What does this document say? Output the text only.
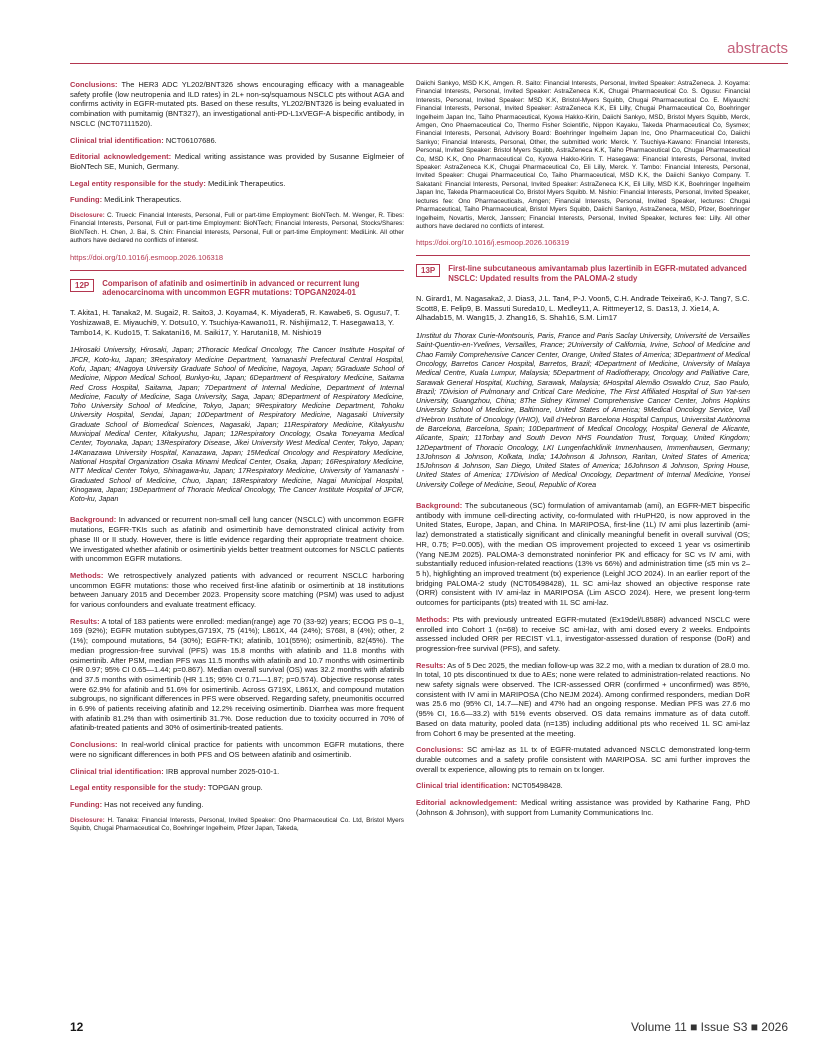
abstracts

Conclusions: The HER3 ADC YL202/BNT326 shows encouraging efficacy with a manageable safety profile (low neutropenia and ILD rates) in 2L+ non-sq/squamous NSCLC pts without AGA and confirms activity in EGFR-mutated pts. Based on these results, YL202/BNT326 is being evaluated in combination with pumitamig (BNT327), an investigational anti-PD-L1xVEGF-A bispecific antibody, in NSCLC (NCT07111520).

Clinical trial identification: NCT06107686.

Editorial acknowledgement: Medical writing assistance was provided by Susanne Eiglmeier of BioNTech SE, Munich, Germany.

Legal entity responsible for the study: MediLink Therapeutics.

Funding: MediLink Therapeutics.

Disclosure: C. Trueck: Financial Interests, Personal, Full or part-time Employment: BioNTech. M. Wenger, R. Tibes: Financial Interests, Personal, Full or part-time Employment: BioNTech; Financial Interests, Personal, Stocks/Shares: BioNTech. H. Chen, J. Bai, S. Chin: Financial Interests, Personal, Full or part-time Employment: MediLink. All other authors have declared no conflicts of interest.

https://doi.org/10.1016/j.esmoop.2026.106318
12P	Comparison of afatinib and osimertinib in advanced or recurrent lung adenocarcinoma with uncommon EGFR mutations: TOPGAN2024-01
T. Akita1, H. Tanaka2, M. Sugai2, R. Saito3, J. Koyama4, K. Miyadera5, R. Kawabe6, S. Ogusu7, T. Yoshizawa8, E. Miyauchi9, Y. Dotsu10, Y. Tsuchiya-Kawano11, R. Nishijima12, T. Hasegawa13, Y. Tambo14, K. Kudo15, T. Sakatani16, M. Saiki17, Y. Harutani18, M. Nishio19
1Hirosaki University, Hirosaki, Japan; 2Thoracic Medical Oncology, The Cancer Institute Hospital of JFCR, Koto-ku, Japan; 3Respiratory Medicine Department, Yamanashi Prefectural Central Hospital, Kofu, Japan; 4Nagoya University Graduate School of Medicine, Nagoya, Japan; 5Graduate School of Medicine, Nippon Medical School, Bunkyo-ku, Japan; 6Department of Respiratory Medicine, Saitama Red Cross Hospital, Saitama, Japan; 7Department of Internal Medicine, Department of Internal Medicine, Faculty of Medicine, Saga University, Saga, Japan; 8Department of Respiratory Medicine, Toho University School of Medicine, Tokyo, Japan; 9Respiratory Medicine Department, Tohoku University Hospital, Sendai, Japan; 10Department of Respiratory Medicine, Nagasaki University Graduate School of Biomedical Sciences, Nagasaki, Japan; 11Respiratory Medicine, Kitakyushu Municipal Medical Center, Kitakyushu, Japan; 12Respiratory Oncology, Osaka Toneyama Medical Center, Toyonaka, Japan; 13Respiratory Disease, Jikei University West Medical Center, Tokyo, Japan; 14Kanazawa University Hospital, Kanazawa, Japan; 15Medical Oncology and Respiratory Medicine, National Hospital Organization Osaka Minami Medical Center, Osaka, Japan; 16Respiratory Medicine, NTT Medical Center Tokyo, Shinagawa-ku, Japan; 17Respiratory Medicine, University of Yamanashi - Graduated School of Medicine, Chuo, Japan; 18Respiratory Medicine, Nagai Municipal Hospital, Kinogawa, Japan; 19Department of Thoracic Medical Oncology, The Cancer Institute Hospital of JFCR, Koto-ku, Japan

Background: In advanced or recurrent non-small cell lung cancer (NSCLC) with uncommon EGFR mutations, EGFR-TKIs such as afatinib and osimertinib have demonstrated clinical activity from phase III or II study. However, there is little evidence regarding their appropriate treatment choice. We investigated whether afatinib or osimertinib yields better treatment outcomes for NSCLC patients with uncommon EGFR mutations.

Methods: We retrospectively analyzed patients with advanced or recurrent NSCLC harboring uncommon EGFR mutations: those who received first-line afatinib or osimertinib at 18 institutions between January 2015 and December 2023. Propensity score matching (PSM) was used to adjust for various confounders and evaluate treatment efficacy.

Results: A total of 183 patients were enrolled: median(range) age 70 (33-92) years; ECOG PS 0–1, 169 (92%); EGFR mutation subtypes,G719X, 75 (41%); L861X, 44 (24%); S768I, 8 (4%); other, 2 (1%); compound mutations, 54 (30%); EGFR-TKI; afatinib, 101(55%); osimertinib, 82(45%). The median progression-free survival (PFS) was 15.8 months with afatinib and 11.8 months with osimertinib. After PSM, median PFS was 11.5 months with afatinib and 10.7 months with osimertinib (HR 0.97; 95% CI 0.65—1.44; p=0.867). Median overall survival (OS) was 32.2 months with afatinib and 37.5 months with osimertinib (HR 1.15; 95% CI 0.71—1.87; p=0.574). Objective response rates were 62.9% for afatinib and 51.6% for osimertinib. Across G719X, L861X, and compound mutation subgroups, no significant differences in PFS were observed. Regarding safety, pneumonitis occurred in 6.9% of patients receiving afatinib and 12.2% receiving osimertinib. Diarrhea was more frequent with afatinib 81.2% than with osimertinib 31.7%. Dose reduction due to toxicity occurred in 70% of afatinib-treated patients and 30% of osimertinib-treated patients.

Conclusions: In real-world clinical practice for patients with uncommon EGFR mutations, there were no significant differences in both PFS and OS between afatinib and osimertinib.

Clinical trial identification: IRB approval number 2025-010-1.

Legal entity responsible for the study: TOPGAN group.

Funding: Has not received any funding.

Disclosure: H. Tanaka: Financial Interests, Personal, Invited Speaker: Ono Pharmaceutical Co. Ltd, Bristol Myers Squibb, Chugai Pharmaceutical Co, Boehringer Ingelheim, Pfizer Japan, Takeda,

Daiichi Sankyo, MSD K.K, Amgen. R. Saito: Financial Interests, Personal, Invited Speaker: AstraZeneca. J. Koyama: Financial Interests, Personal, Invited Speaker: AstraZeneca K.K, Chugai Pharmaceutical Co. S. Ogusu: Financial Interests, Personal, Invited Speaker: MSD K.K, Bristol-Myers Squibb, Chugai Pharmaceutical Co. E. Miyauchi: Financial Interests, Personal, Invited Speaker: AstraZeneca K.K, Eli Lilly, Chugai Pharmaceutical Co, Boehringer Ingelheim Japan Inc, Taiho Pharmaceutical, Kyowa Hakko-Kirin, Daiichi Sankyo, MSD, Bristol Myers Squibb, Merck, Amgen, Ono Phaemaceutical Co, Thermo Fisher Scientific, Nippon Kayaku, Takeda Pharmaceutical Co, Sysmex; Financial Interests, Personal, Advisory Board: Boehringer Ingelheim Japan Inc, Ono Pharmaceutical Co, Daiichi Sankyo; Financial Interests, Personal, Other, the submitted work: Merck. Y. Tsuchiya-Kawano: Financial Interests, Personal, Invited Speaker: Bristol Myers Squibb, AstraZeneca K.K, Taiho Pharmaceutical Co, Chugai Pharmaceutical Co, MSD K.K, Ono Pharmaceutical Co, Kyowa Hakko-Kirin. T. Hasegawa: Financial Interests, Personal, Invited Speaker: AstraZeneca K.K, Chugai Pharmaceutical Co, Eli Lilly, Merck. Y. Tambo: Financial Interests, Personal, Invited Speaker: Chugai Pharmaceutical Co, Taiho Pharmaceutical, MSD K.K, the Daiichi Sankyo Company. T. Sakatani: Financial Interests, Personal, Invited Speaker: AstraZeneca K.K, Eli Lilly, MSD K.K, Boehringer Ingelheim Japan Inc, Takeda Pharmaceutical Co, Bristol Myers Squibb. M. Nishio: Financial Interests, Personal, Invited Speaker, lectures fee: Ono Pharmaceuticals, Amgen; Financial Interests, Personal, Invited Speaker, lectures: Chugai Pharmaceutical, Taiho Pharmaceutical, Bristol Myers Squibb, Daiichi Sankyo, AstraZeneca, MSD, Pfizer, Boehringer Ingelheim, Novartis, Merck, Janssen; Financial Interests, Personal, Invited Speaker, lectures fee: Lilly. All other authors have declared no conflicts of interest.

https://doi.org/10.1016/j.esmoop.2026.106319
13P	First-line subcutaneous amivantamab plus lazertinib in EGFR-mutated advanced NSCLC: Updated results from the PALOMA-2 study
N. Girard1, M. Nagasaka2, J. Dias3, J.L. Tan4, P-J. Voon5, C.H. Andrade Teixeira6, K-J. Tang7, S.C. Scott8, E. Felip9, B. Massuti Sureda10, L. Medley11, A. Rittmeyer12, S. Das13, J. Xie14, A. Alhadab15, M. Wang15, J. Zhang16, S. Shah16, S.M. Lim17
1Institut du Thorax Curie-Montsouris, Paris, France and Paris Saclay University, Université de Versailles Saint-Quentin-en-Yvelines, Versailles, France; 2University of California, Irvine, School of Medicine and Chao Family Comprehensive Cancer Center, Orange, United States of America; 3Department of Medical Oncology, Barretos Cancer Hospital, Barretos, Brazil; 4Department of Medicine, University of Malaya Medical Centre, Kuala Lumpur, Malaysia; 5Department of Radiotherapy, Oncology and Palliative Care, Sarawak General Hospital, Kuching, Sarawak, Malaysia; 6Hospital Alemão Oswaldo Cruz, Sao Paulo, Brazil; 7Division of Pulmonary and Critical Care Medicine, The First Affiliated Hospital of Sun Yat-sen University, Guangzhou, China; 8The Sidney Kimmel Comprehensive Cancer Center, Johns Hopkins University School of Medicine, Baltimore, United States of America; 9Medical Oncology Service, Vall d’Hebron Institute of Oncology (VHIO), Vall d’Hebron Barcelona Hospital Campus, Universitat Autònoma de Barcelona, Barcelona, Spain; 10Department of Medical Oncology, Hospital General de Alicante, Alicante, Spain; 11Torbay and South Devon NHS Foundation Trust, Torquay, United Kingdom; 12Department of Thoracic Oncology, LKI Lungenfachklinik Immenhausen, Immenhausen, Germany; 13Johnson & Johnson, Kolkata, India; 14Johnson & Johnson, Raritan, United States of America; 15Johnson & Johnson, San Diego, United States of America; 16Johnson & Johnson, Spring House, United States of America; 17Division of Medical Oncology, Department of Internal Medicine, Yonsei University College of Medicine, Seoul, Republic of Korea

Background: The subcutaneous (SC) formulation of amivantamab (ami), an EGFR-MET bispecific antibody with immune cell-directing activity, co-formulated with rHuPH20, is now approved in the United States, Europe, Japan, and China. In MARIPOSA, first-line (1L) IV ami plus lazertinib (ami-laz) demonstrated a statistically significant and clinically meaningful benefit in overall survival (OS; HR, 0.75; P=0.005), with the median OS improvement projected to exceed 1 year vs osimertinib (Yang NEJM 2025). PALOMA-3 demonstrated noninferior PK and efficacy for SC vs IV ami, with substantially reduced infusion-related reactions (13% vs 66%) and administration time (≤5 min vs 2–5 h), highlighting an improved treatment (tx) experience (Leighl JCO 2024). In an earlier report of the bridging PALOMA-2 study (NCT05498428), 1L SC ami-laz showed an objective response rate (ORR) consistent with IV ami-laz in MARIPOSA (Lim ASCO 2024). Here, we present long-term outcomes for participants (pts) treated with 1L SC ami-laz.

Methods: Pts with previously untreated EGFR-mutated (Ex19del/L858R) advanced NSCLC were enrolled into Cohort 1 (n=68) to receive SC ami-laz, with ami dosed every 2 weeks. Endpoints assessed included ORR per RECIST v1.1, investigator-assessed duration of response (DoR) and progression-free survival (PFS), and safety.

Results: As of 5 Dec 2025, the median follow-up was 32.2 mo, with a median tx duration of 28.0 mo. In total, 10 pts discontinued tx due to AEs; none were related to administration-related reactions. No new safety signals were observed. The ICR-assessed ORR (confirmed + unconfirmed) was 85%, consistent with IV ami in MARIPOSA (Cho NEJM 2024). Among confirmed responders, median DoR was 25.6 mo (95% CI, 14.7—NE) and 47% had an ongoing response. Median PFS was 27.6 mo (95% CI, 16.6—33.2) with 51% events observed. OS data remains immature as of data cutoff. Based on data maturity, pooled data (n=135) including additional pts who received 1L SC ami-laz from Cohort 6 may be presented at the meeting.

Conclusions: SC ami-laz as 1L tx of EGFR-mutated advanced NSCLC demonstrated long-term durable outcomes and a safety profile consistent with MARIPOSA. SC ami further improves the overall tx experience, allowing pts to remain on tx longer.

Clinical trial identification: NCT05498428.

Editorial acknowledgement: Medical writing assistance was provided by Katharine Fang, PhD (Johnson & Johnson), with support from Lumanity Communications Inc.

12	Volume 11 ■ Issue S3 ■ 2026
